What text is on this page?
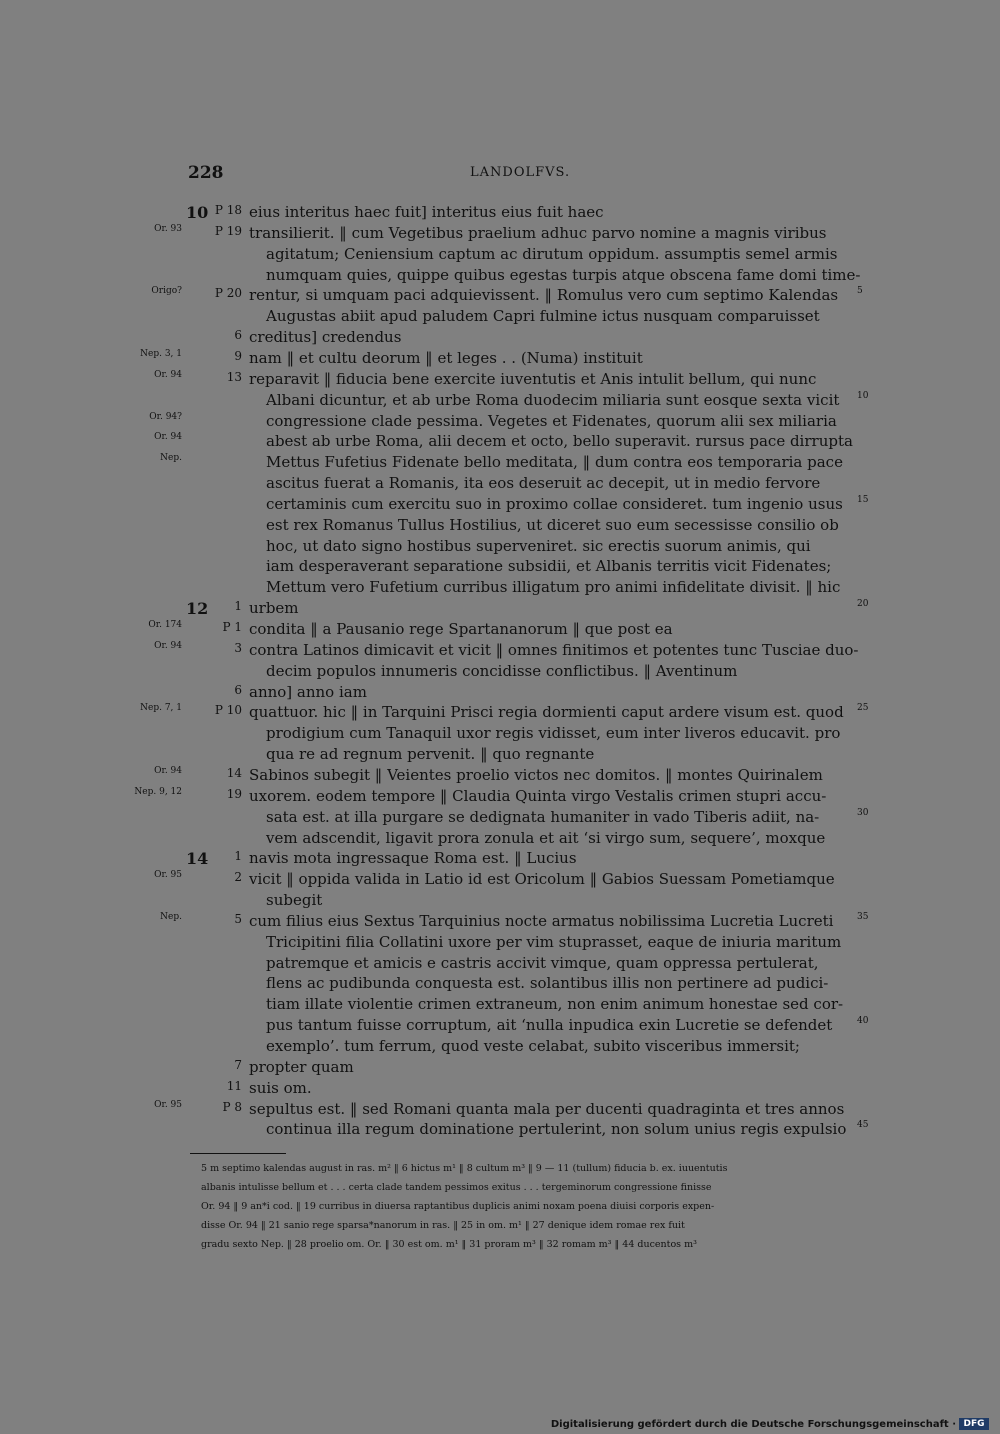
228	LANDOLFVS.
10 P 18 eius interitus haec fuit] interitus eius fuit haec
Or. 93	P 19 transilierit. ‖ cum Vegetibus praelium adhuc parvo nomine a magnis viribus
agitatum; Ceniensium captum ac dirutum oppidum. assumptis semel armis
numquam quies, quippe quibus egestas turpis atque obscena fame domi time-
Origo?	P 20 rentur, si umquam paci adquievissent. ‖ Romulus vero cum septimo Kalendas 5
Augustas abiit apud paludem Capri fulmine ictus nusquam comparuisset
6 creditus] credendus
Nep. 3, 1	9 nam ‖ et cultu deorum ‖ et leges . . (Numa) instituit
Or. 94	13 reparavit ‖ fiducia bene exercite iuventutis et Anis intulit bellum, qui nunc
Albani dicuntur, et ab urbe Roma duodecim miliaria sunt eosque sexta vicit 10
Or. 94?	congressione clade pessima. Vegetes et Fidenates, quorum alii sex miliaria
Or. 94	abest ab urbe Roma, alii decem et octo, bello superavit. rursus pace dirrupta
Nep.	Mettus Fufetius Fidenate bello meditata, ‖ dum contra eos temporaria pace
ascitus fuerat a Romanis, ita eos deseruit ac decepit, ut in medio fervore
certaminis cum exercitu suo in proximo collae consideret. tum ingenio usus 15
est rex Romanus Tullus Hostilius, ut diceret suo eum secessisse consilio ob
hoc, ut dato signo hostibus superveniret. sic erectis suorum animis, qui
iam desperaverant separatione subsidii, et Albanis territis vicit Fidenates;
Mettum vero Fufetium curribus illigatum pro animi infidelitate divisit. ‖ hic
12 1 urbem	20
Or. 174	P 1 condita ‖ a Pausanio rege Spartananorum ‖ que post ea
Or. 94	3 contra Latinos dimicavit et vicit ‖ omnes finitimos et potentes tunc Tusciae duo-
decim populos innumeris concidisse conflictibus. ‖ Aventinum
6 anno] anno iam
Nep. 7, 1	P 10 quattuor. hic ‖ in Tarquini Prisci regia dormienti caput ardere visum est. quod 25
prodigium cum Tanaquil uxor regis vidisset, eum inter liveros educavit. pro
qua re ad regnum pervenit. ‖ quo regnante
Or. 94	14 Sabinos subegit ‖ Veientes proelio victos nec domitos. ‖ montes Quirinalem
Nep. 9, 12	19 uxorem. eodem tempore ‖ Claudia Quinta virgo Vestalis crimen stupri accu-
sata est. at illa purgare se dedignata humaniter in vado Tiberis adiit, na-	30
vem adscendit, ligavit prora zonula et ait ‘si virgo sum, sequere’, moxque
14 1 navis mota ingressaque Roma est. ‖ Lucius
Or. 95	2 vicit ‖ oppida valida in Latio id est Oricolum ‖ Gabios Suessam Pometiamque
subegit
Nep.	5 cum filius eius Sextus Tarquinius nocte armatus nobilissima Lucretia Lucreti	35
Tricipitini filia Collatini uxore per vim stuprasset, eaque de iniuria maritum
patremque et amicis e castris accivit vimque, quam oppressa pertulerat,
flens ac pudibunda conquesta est. solantibus illis non pertinere ad pudici-
tiam illate violentie crimen extraneum, non enim animum honestae sed cor-
pus tantum fuisse corruptum, ait ‘nulla inpudica exin Lucretie se defendet	40
exemplo’. tum ferrum, quod veste celabat, subito visceribus immersit;
7 propter quam
11 suis om.
Or. 95	P 8 sepultus est. ‖ sed Romani quanta mala per ducenti quadraginta et tres annos
continua illa regum dominatione pertulerint, non solum unius regis expulsio 45
5 m septimo kalendas august in ras. m² ‖ 6 hictus m¹ ‖ 8 cultum m³ ‖ 9 — 11 (tullum) fiducia b. ex. iuuentutis
albanis intulisse bellum et . . . certa clade tandem pessimos exitus . . . tergeminorum congressione finisse
Or. 94 ‖ 9 an*i cod. ‖ 19 curribus in diuersa raptantibus duplicis animi noxam poena diuisi corporis expen-
disse Or. 94 ‖ 21 sanio rege sparsa*nanorum in ras. ‖ 25 in om. m¹ ‖ 27 denique idem romae rex fuit
gradu sexto Nep. ‖ 28 proelio om. Or. ‖ 30 est om. m¹ ‖ 31 proram m³ ‖ 32 romam m³ ‖ 44 ducentos m³
Digitalisierung gefördert durch die Deutsche Forschungsgemeinschaft · DFG
